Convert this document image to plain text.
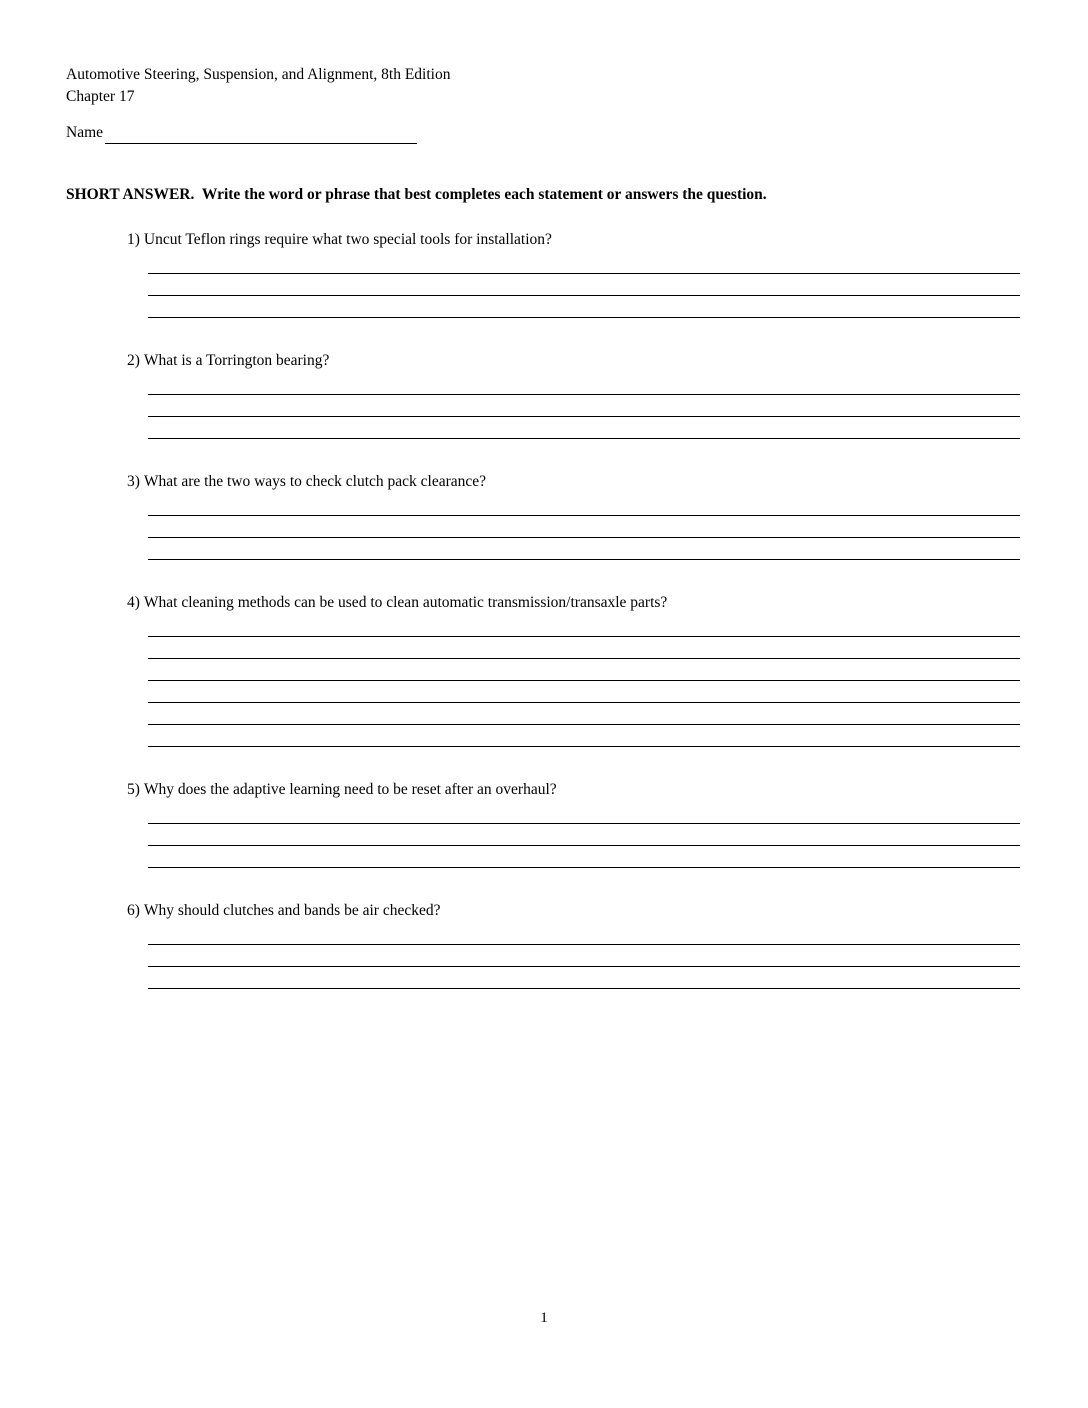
Automotive Steering, Suspension, and Alignment, 8th Edition
Chapter 17
Name
SHORT ANSWER.  Write the word or phrase that best completes each statement or answers the question.
1) Uncut Teflon rings require what two special tools for installation?
2) What is a Torrington bearing?
3) What are the two ways to check clutch pack clearance?
4) What cleaning methods can be used to clean automatic transmission/transaxle parts?
5) Why does the adaptive learning need to be reset after an overhaul?
6) Why should clutches and bands be air checked?
1
